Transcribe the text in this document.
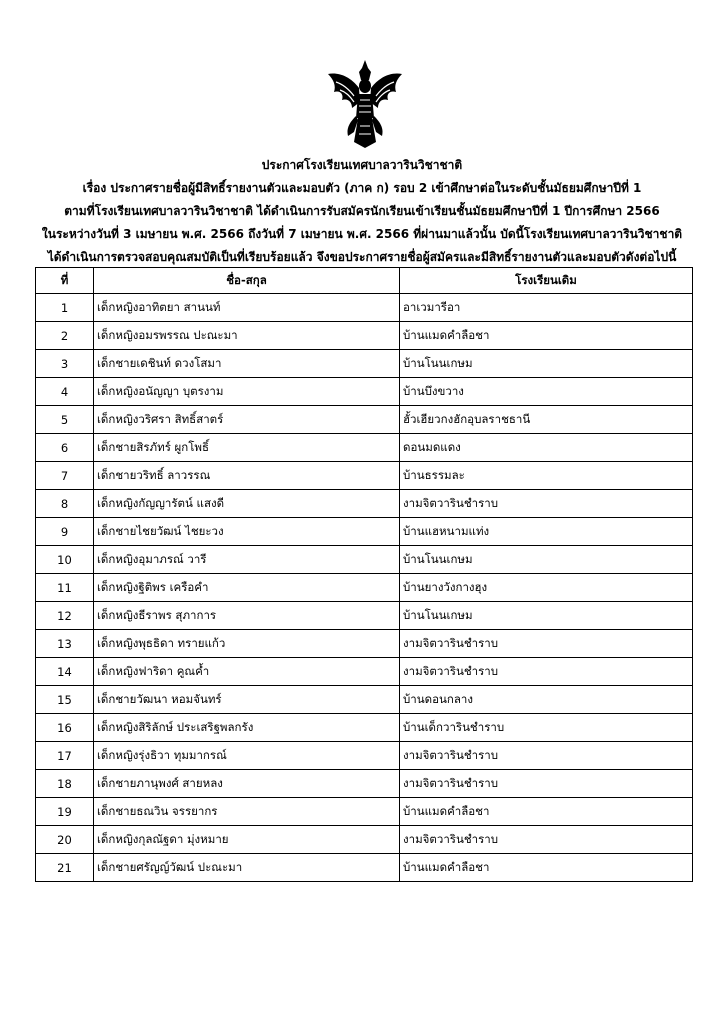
ประกาศโรงเรียนเทศบาลวารินวิชาชาติ
เรื่อง ประกาศรายชื่อผู้มีสิทธิ์รายงานตัวและมอบตัว (ภาค ก) รอบ 2 เข้าศึกษาต่อในระดับชั้นมัธยมศึกษาปีที่ 1
ตามที่โรงเรียนเทศบาลวารินวิชาชาติ ได้ดำเนินการรับสมัครนักเรียนเข้าเรียนชั้นมัธยมศึกษาปีที่ 1 ปีการศึกษา 2566
ในระหว่างวันที่ 3 เมษายน พ.ศ. 2566 ถึงวันที่ 7 เมษายน พ.ศ. 2566 ที่ผ่านมาแล้วนั้น บัดนี้โรงเรียนเทศบาลวารินวิชาชาติ
ได้ดำเนินการตรวจสอบคุณสมบัติเป็นที่เรียบร้อยแล้ว จึงขอประกาศรายชื่อผู้สมัครและมีสิทธิ์รายงานตัวและมอบตัวดังต่อไปนี้
ที่	ชื่อ-สกุล	โรงเรียนเดิม
1	เด็กหญิงอาทิตยา สานนท์	อาเวมารีอา
2	เด็กหญิงอมรพรรณ ปะณะมา	บ้านแมดคำลือชา
3	เด็กชายเดชินท์ ดวงโสมา	บ้านโนนเกษม
4	เด็กหญิงอนัญญา บุตรงาม	บ้านบึงขวาง
5	เด็กหญิงวริศรา สิทธิ์สาตร์	ฮั้วเฮียวกงฮักอุบลราชธานี
6	เด็กชายสิรภัทร์ ผูกโพธิ์	ดอนมดแดง
7	เด็กชายวริทธิ์ ลาวรรณ	บ้านธรรมละ
8	เด็กหญิงกัญญารัตน์ แสงดี	งามจิตวารินชำราบ
9	เด็กชายไชยวัฒน์ ไชยะวง	บ้านแฮหนามแท่ง
10	เด็กหญิงอุมาภรณ์ วารี	บ้านโนนเกษม
11	เด็กหญิงฐิติพร เครือคำ	บ้านยางวังกางฮุง
12	เด็กหญิงธีราพร สุภาการ	บ้านโนนเกษม
13	เด็กหญิงพุธธิดา ทรายแก้ว	งามจิตวารินชำราบ
14	เด็กหญิงฟาริดา คูณค้ำ	งามจิตวารินชำราบ
15	เด็กชายวัฒนา หอมจันทร์	บ้านดอนกลาง
16	เด็กหญิงสิริลักษ์ ประเสริฐพลกรัง	บ้านเด็กวารินชำราบ
17	เด็กหญิงรุ่งธิวา ทุมมากรณ์	งามจิตวารินชำราบ
18	เด็กชายภานุพงศ์ สายหลง	งามจิตวารินชำราบ
19	เด็กชายธณวิน จรรยากร	บ้านแมดคำลือชา
20	เด็กหญิงกุลณัฐดา มุ่งหมาย	งามจิตวารินชำราบ
21	เด็กชายศรัญญ์วัฒน์ ปะณะมา	บ้านแมดคำลือชา
